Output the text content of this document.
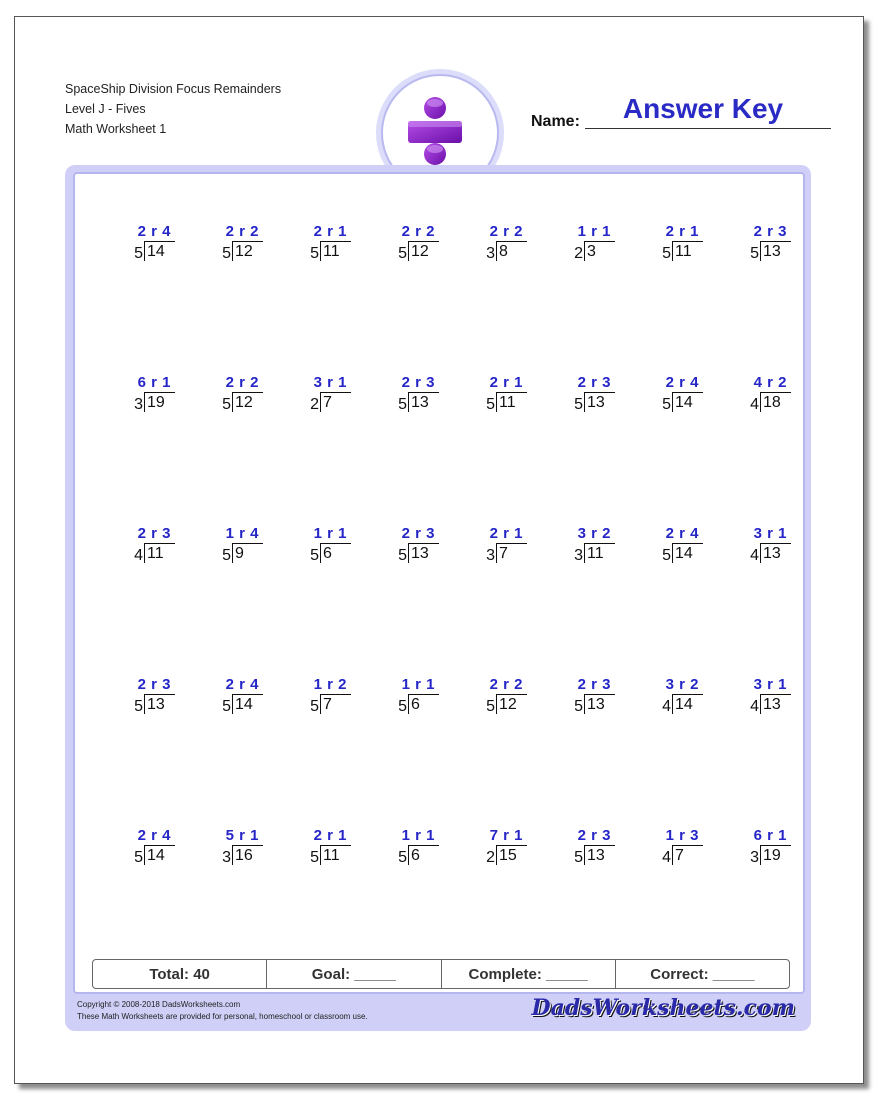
SpaceShip Division Focus Remainders
Level J - Fives
Math Worksheet 1	Name:	Answer Key
2 r 4
5 14
2 r 2
5 12
2 r 1
5 11
2 r 2
5 12
2 r 2
3 8
1 r 1
2 3
2 r 1
5 11
2 r 3
5 13
6 r 1
3 19
2 r 2
5 12
3 r 1
2 7
2 r 3
5 13
2 r 1
5 11
2 r 3
5 13
2 r 4
5 14
4 r 2
4 18
2 r 3
4 11
1 r 4
5 9
1 r 1
5 6
2 r 3
5 13
2 r 1
3 7
3 r 2
3 11
2 r 4
5 14
3 r 1
4 13
2 r 3
5 13
2 r 4
5 14
1 r 2
5 7
1 r 1
5 6
2 r 2
5 12
2 r 3
5 13
3 r 2
4 14
3 r 1
4 13
2 r 4
5 14
5 r 1
3 16
2 r 1
5 11
1 r 1
5 6
7 r 1
2 15
2 r 3
5 13
1 r 3
4 7
6 r 1
3 19
Total: 40	Goal: _____	Complete: _____	Correct: _____
Copyright © 2008-2018 DadsWorksheets.com
These Math Worksheets are provided for personal, homeschool or classroom use.	DadsWorksheets.com
